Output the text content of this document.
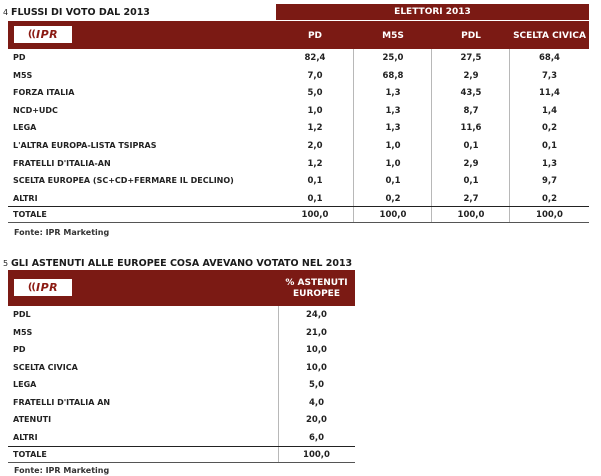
4 FLUSSI DI VOTO DAL 2013	ELETTORI 2013
(( IPR	PD	M5S	PDL	SCELTA CIVICA
PD	82,4	25,0	27,5	68,4
M5S	7,0	68,8	2,9	7,3
FORZA ITALIA	5,0	1,3	43,5	11,4
NCD+UDC	1,0	1,3	8,7	1,4
LEGA	1,2	1,3	11,6	0,2
L'ALTRA EUROPA-LISTA TSIPRAS	2,0	1,0	0,1	0,1
FRATELLI D'ITALIA-AN	1,2	1,0	2,9	1,3
SCELTA EUROPEA (SC+CD+FERMARE IL DECLINO)	0,1	0,1	0,1	9,7
ALTRI	0,1	0,2	2,7	0,2
TOTALE	100,0	100,0	100,0	100,0
Fonte: IPR Marketing
5 GLI ASTENUTI ALLE EUROPEE COSA AVEVANO VOTATO NEL 2013
(( IPR	% ASTENUTI
EUROPEE
PDL	24,0
M5S	21,0
PD	10,0
SCELTA CIVICA	10,0
LEGA	5,0
FRATELLI D'ITALIA AN	4,0
ATENUTI	20,0
ALTRI	6,0
TOTALE	100,0
Fonte: IPR Marketing
